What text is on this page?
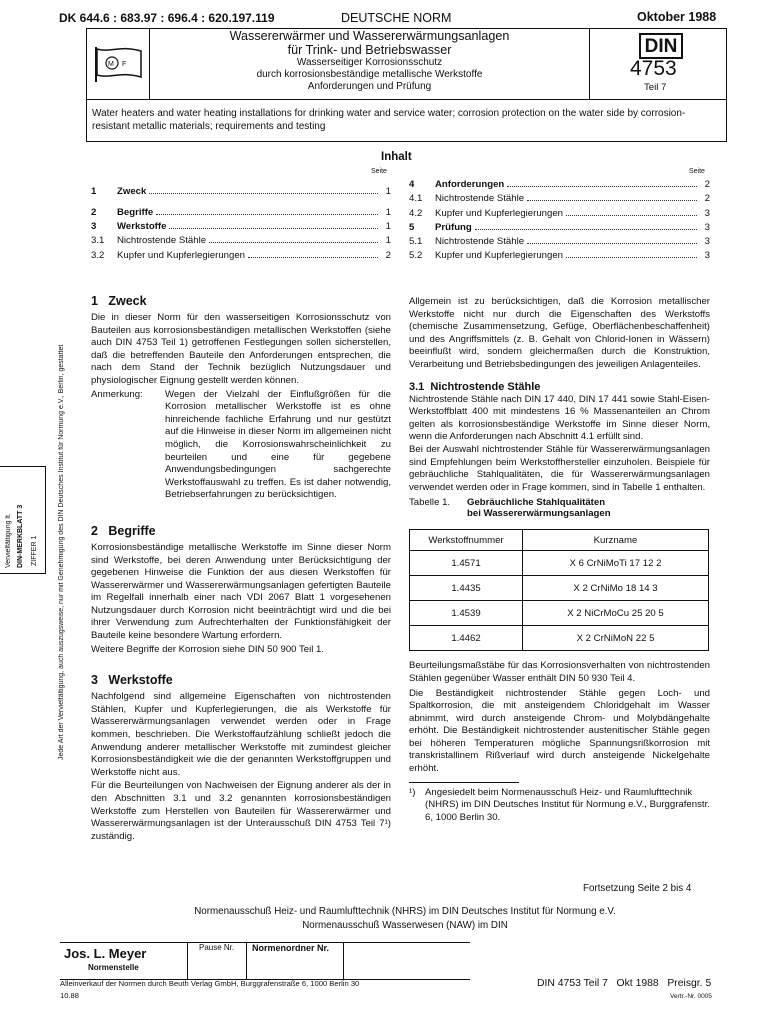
DK 644.6 : 683.97 : 696.4 : 620.197.119	DEUTSCHE NORM	Oktober 1988
M F
Wassererwärmer und Wassererwärmungsanlagen
für Trink- und Betriebswasser
Wasserseitiger Korrosionsschutz
durch korrosionsbeständige metallische Werkstoffe
Anforderungen und Prüfung
DIN
4753
Teil 7
Water heaters and water heating installations for drinking water and service water; corrosion protection on the water side by corrosion-resistant metallic materials; requirements and testing
Inhalt
Seite	Seite
1	Zweck	1
2	Begriffe	1
3	Werkstoffe	1
3.1	Nichtrostende Stähle	1
3.2	Kupfer und Kupferlegierungen	2
4	Anforderungen	2
4.1	Nichtrostende Stähle	2
4.2	Kupfer und Kupferlegierungen	3
5	Prüfung	3
5.1	Nichtrostende Stähle	3
5.2	Kupfer und Kupferlegierungen	3
1   Zweck
Die in dieser Norm für den wasserseitigen Korrosionsschutz von Bauteilen aus korrosionsbeständigen metallischen Werkstoffen (siehe auch DIN 4753 Teil 1) getroffenen Festlegungen sollen sicherstellen, daß die betreffenden Bauteile den Anforderungen entsprechen, die nach dem Stand der Technik bezüglich Nutzungsdauer und physiologischer Eignung gestellt werden können.
Anmerkung:	Wegen der Vielzahl der Einflußgrößen für die Korrosion metallischer Werkstoffe ist es ohne hinreichende fachliche Erfahrung und nur gestützt auf die Hinweise in dieser Norm im allgemeinen nicht möglich, die Korrosionswahrscheinlichkeit zu beurteilen und eine für gegebene Anwendungsbedingungen sachgerechte Werkstoffauswahl zu treffen. Es ist daher notwendig, Betriebserfahrungen zu berücksichtigen.
2   Begriffe
Korrosionsbeständige metallische Werkstoffe im Sinne dieser Norm sind Werkstoffe, bei deren Anwendung unter Berücksichtigung der gegebenen Hinweise die Funktion der aus diesen Werkstoffen für Wassererwärmer und Wassererwärmungsanlagen gefertigten Bauteile im Regelfall innerhalb einer nach VDI 2067 Blatt 1 vorgesehenen Nutzungsdauer durch Korrosion nicht beeinträchtigt wird und die bei ihrer Verwendung zum Aufrechterhalten der Funktionsfähigkeit der Bauteile keine besondere Wartung erfordern.
Weitere Begriffe der Korrosion siehe DIN 50 900 Teil 1.
3   Werkstoffe
Nachfolgend sind allgemeine Eigenschaften von nichtrostenden Stählen, Kupfer und Kupferlegierungen, die als Werkstoffe für Wassererwärmungsanlagen verwendet werden oder in Frage kommen, beschrieben. Die Werkstoffaufzählung schließt jedoch die Anwendung anderer metallischer Werkstoffe mit zumindest gleicher Korrosionsbeständigkeit wie die der genannten Werkstoffgruppen und Werkstoffe nicht aus.
Für die Beurteilungen von Nachweisen der Eignung anderer als der in den Abschnitten 3.1 und 3.2 genannten korrosionsbeständigen Werkstoffe zum Herstellen von Bauteilen für Wassererwärmer und Wassererwärmungsanlagen ist der Unterausschuß DIN 4753 Teil 7¹) zuständig.
Allgemein ist zu berücksichtigen, daß die Korrosion metallischer Werkstoffe nicht nur durch die Eigenschaften des Werkstoffs (chemische Zusammensetzung, Gefüge, Oberflächenbeschaffenheit) und des Angriffsmittels (z. B. Gehalt von Chlorid-Ionen in Wässern) beeinflußt wird, sondern gleichermaßen durch die Konstruktion, Verarbeitung und Betriebsbedingungen des jeweiligen Anlagenteiles.
3.1  Nichtrostende Stähle
Nichtrostende Stähle nach DIN 17 440, DIN 17 441 sowie Stahl-Eisen-Werkstoffblatt 400 mit mindestens 16 % Massenanteilen an Chrom gelten als korrosionsbeständige Werkstoffe im Sinne dieser Norm, wenn die Anforderungen nach Abschnitt 4.1 erfüllt sind.
Bei der Auswahl nichtrostender Stähle für Wassererwärmungsanlagen sind Empfehlungen beim Werkstoffhersteller einzuholen. Beispiele für gebräuchliche Stahlqualitäten, die für Wassererwärmungsanlagen verwendet werden oder in Frage kommen, sind in Tabelle 1 enthalten.
Tabelle 1.	Gebräuchliche Stahlqualitäten
bei Wassererwärmungsanlagen
Werkstoffnummer	Kurzname
1.4571	X 6 CrNiMoTi 17 12 2
1.4435	X 2 CrNiMo 18 14 3
1.4539	X 2 NiCrMoCu 25 20 5
1.4462	X 2 CrNiMoN 22 5
Beurteilungsmaßstäbe für das Korrosionsverhalten von nichtrostenden Stählen gegenüber Wasser enthält DIN 50 930 Teil 4.
Die Beständigkeit nichtrostender Stähle gegen Loch- und Spaltkorrosion, die mit ansteigendem Chloridgehalt im Wasser abnimmt, wird durch ansteigende Chrom- und Molybdängehalte erhöht. Die Beständigkeit nichtrostender austenitischer Stähle gegen bei höheren Temperaturen mögliche Spannungsrißkorrosion mit transkristallinem Rißverlauf wird durch ansteigende Nickelgehalte erhöht.
¹)	Angesiedelt beim Normenausschuß Heiz- und Raumlufttechnik (NHRS) im DIN Deutsches Institut für Normung e.V., Burggrafenstr. 6, 1000 Berlin 30.
Fortsetzung Seite 2 bis 4
Normenausschuß Heiz- und Raumlufttechnik (NHRS) im DIN Deutsches Institut für Normung e.V.
Normenausschuß Wasserwesen (NAW) im DIN
Jos. L. Meyer
Normenstelle
Pause Nr. Normenordner Nr.
Alleinverkauf der Normen durch Beuth Verlag GmbH, Burggrafenstraße 6, 1000 Berlin 30
10.88
DIN 4753 Teil 7   Okt 1988   Preisgr. 5
Vertr.-Nr. 0005
Jede Art der Vervielfältigung, auch auszugsweise, nur mit Genehmigung des DIN Deutsches Institut für Normung e.V., Berlin, gestattet
Vervielfältigung lt. DIN-MERKBLATT 3 ZIFFER 1
